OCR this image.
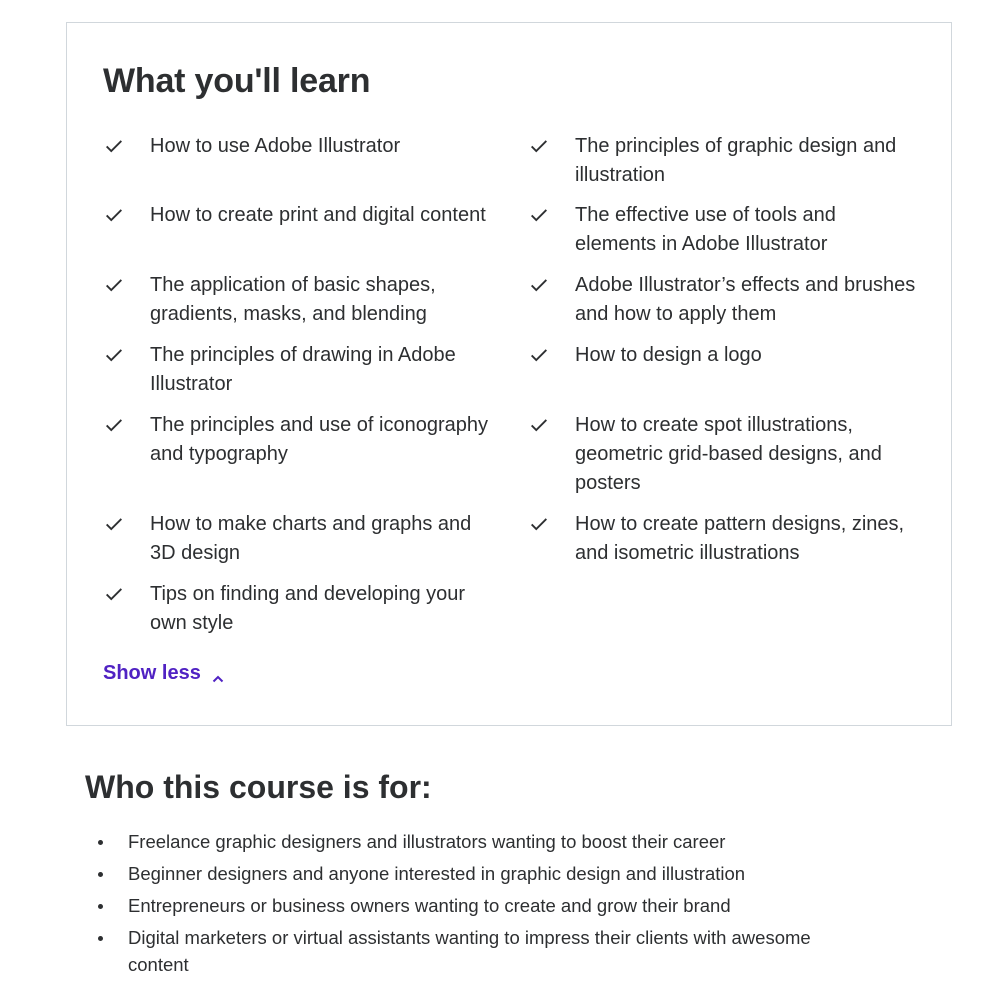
What you'll learn
How to use Adobe Illustrator
How to create print and digital content
The application of basic shapes, gradients, masks, and blending
The principles of drawing in Adobe Illustrator
The principles and use of iconography and typography
How to make charts and graphs and 3D design
Tips on finding and developing your own style
The principles of graphic design and illustration
The effective use of tools and elements in Adobe Illustrator
Adobe Illustrator’s effects and brushes and how to apply them
How to design a logo
How to create spot illustrations, geometric grid-based designs, and posters
How to create pattern designs, zines, and isometric illustrations
Show less
Who this course is for:
Freelance graphic designers and illustrators wanting to boost their career
Beginner designers and anyone interested in graphic design and illustration
Entrepreneurs or business owners wanting to create and grow their brand
Digital marketers or virtual assistants wanting to impress their clients with awesome content
